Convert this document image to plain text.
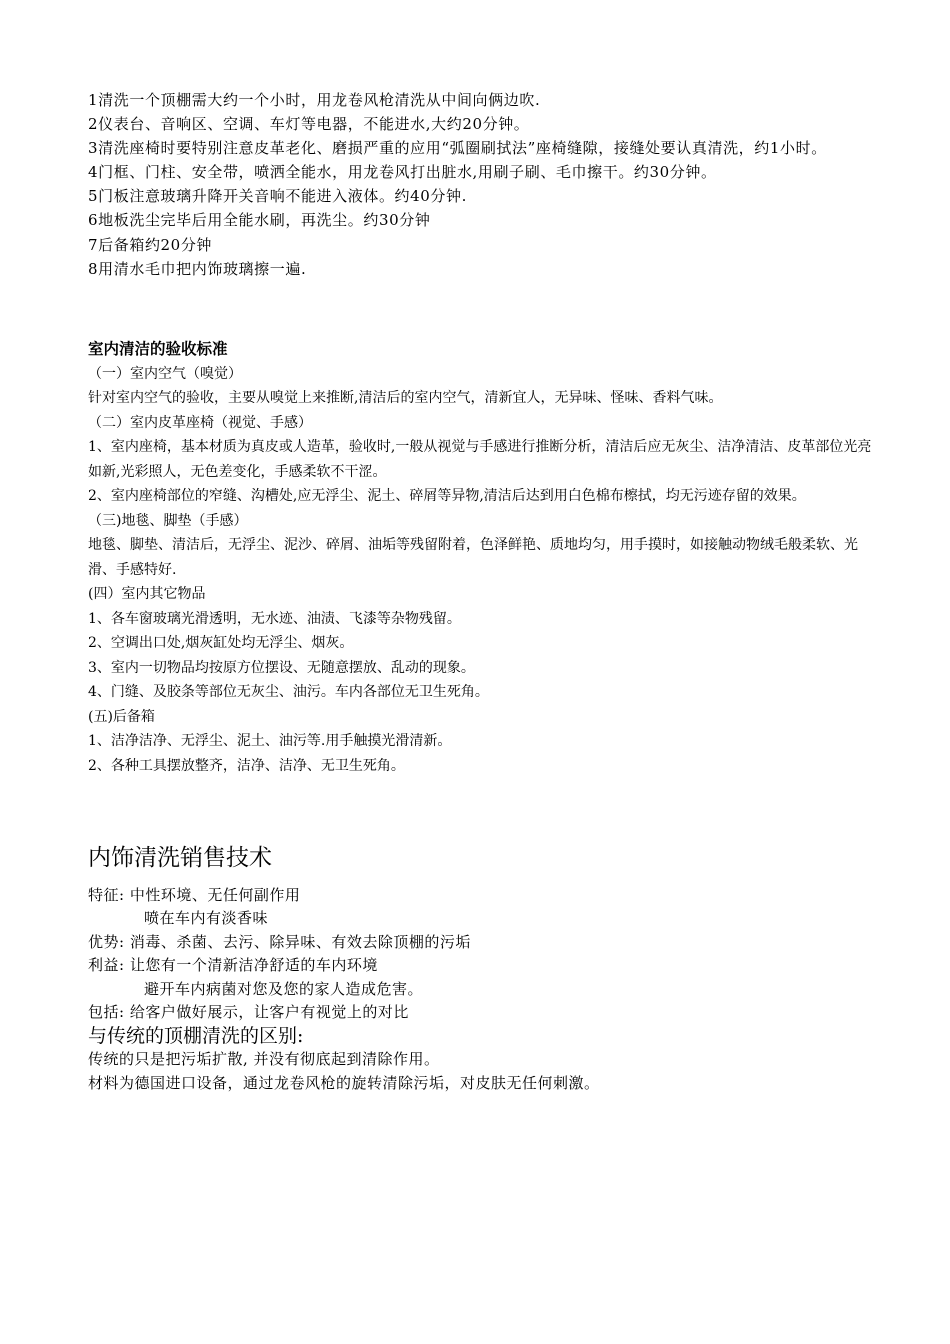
1清洗一个顶棚需大约一个小时，用龙卷风枪清洗从中间向俩边吹.
2仪表台、音响区、空调、车灯等电器，不能进水,大约20分钟。
3清洗座椅时要特别注意皮革老化、磨损严重的应用“弧圈刷拭法”座椅缝隙，接缝处要认真清洗，约1小时。
4门框、门柱、安全带，喷洒全能水，用龙卷风打出脏水,用刷子刷、毛巾擦干。约30分钟。
5门板注意玻璃升降开关音响不能进入液体。约40分钟.
6地板洗尘完毕后用全能水刷，再洗尘。约30分钟
7后备箱约20分钟
8用清水毛巾把内饰玻璃擦一遍.
室内清洁的验收标准
（一）室内空气（嗅觉）
针对室内空气的验收，主要从嗅觉上来推断,清洁后的室内空气，清新宜人，无异味、怪味、香料气味。
（二）室内皮革座椅（视觉、手感）
1、室内座椅，基本材质为真皮或人造革，验收时,一般从视觉与手感进行推断分析，清洁后应无灰尘、洁净清洁、皮革部位光亮如新,光彩照人，无色差变化，手感柔软不干涩。
2、室内座椅部位的窄缝、沟槽处,应无浮尘、泥土、碎屑等异物,清洁后达到用白色棉布檫拭，均无污迹存留的效果。
（三)地毯、脚垫（手感）
地毯、脚垫、清洁后，无浮尘、泥沙、碎屑、油垢等残留附着，色泽鲜艳、质地均匀，用手摸时，如接触动物绒毛般柔软、光滑、手感特好.
(四）室内其它物品
1、各车窗玻璃光滑透明，无水迹、油渍、飞漆等杂物残留。
2、空调出口处,烟灰缸处均无浮尘、烟灰。
3、室内一切物品均按原方位摆设、无随意摆放、乱动的现象。
4、门缝、及胶条等部位无灰尘、油污。车内各部位无卫生死角。
(五)后备箱
1、洁净洁净、无浮尘、泥土、油污等.用手触摸光滑清新。
2、各种工具摆放整齐，洁净、洁净、无卫生死角。
内饰清洗销售技术
特征: 中性环境、无任何副作用
喷在车内有淡香味
优势: 消毒、杀菌、去污、除异味、有效去除顶棚的污垢
利益: 让您有一个清新洁净舒适的车内环境
避开车内病菌对您及您的家人造成危害。
包括: 给客户做好展示，让客户有视觉上的对比
与传统的顶棚清洗的区别:
传统的只是把污垢扩散, 并没有彻底起到清除作用。
材料为德国进口设备，通过龙卷风枪的旋转清除污垢，对皮肤无任何刺激。
